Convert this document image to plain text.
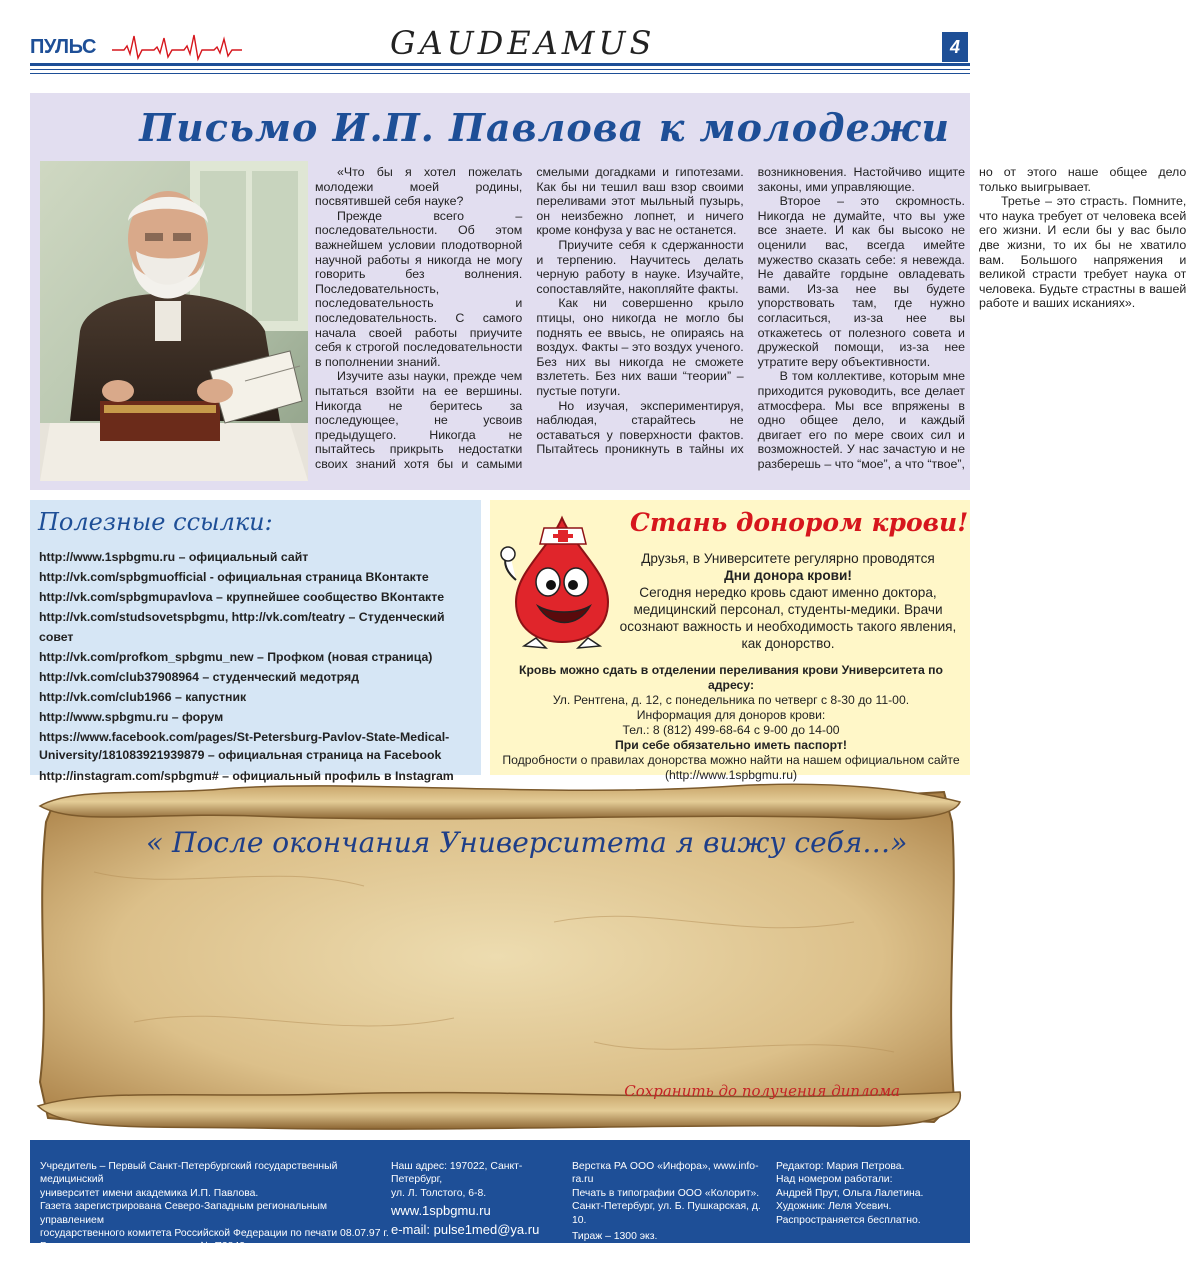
ПУЛЬС	GAUDEAMUS	4
Письмо И.П. Павлова к молодежи

«Что бы я хотел пожелать молодежи моей родины, посвятившей себя науке?

Прежде всего – последовательности. Об этом важнейшем условии плодотворной научной работы я никогда не могу говорить без волнения. Последовательность, последовательность и последовательность. С самого начала своей работы приучите себя к строгой последовательности в пополнении знаний.

Изучите азы науки, прежде чем пытаться взойти на ее вершины. Никогда не беритесь за последующее, не усвоив предыдущего. Никогда не пытайтесь прикрыть недостатки своих знаний хотя бы и самыми смелыми догадками и гипотезами. Как бы ни тешил ваш взор своими переливами этот мыльный пузырь, он неизбежно лопнет, и ничего кроме конфуза у вас не останется.

Приучите себя к сдержанности и терпению. Научитесь делать черную работу в науке. Изучайте, сопоставляйте, накопляйте факты.

Как ни совершенно крыло птицы, оно никогда не могло бы поднять ее ввысь, не опираясь на воздух. Факты – это воздух ученого. Без них вы никогда не сможете взлететь. Без них ваши “теории” – пустые потуги.

Но изучая, экспериментируя, наблюдая, старайтесь не оставаться у поверхности фактов. Пытайтесь проникнуть в тайны их возникновения. Настойчиво ищите законы, ими управляющие.

Второе – это скромность. Никогда не думайте, что вы уже все знаете. И как бы высоко не оценили вас, всегда имейте мужество сказать себе: я невежда. Не давайте гордыне овладевать вами. Из-за нее вы будете упорствовать там, где нужно согласиться, из-за нее вы откажетесь от полезного совета и дружеской помощи, из-за нее утратите веру объективности.

В том коллективе, которым мне приходится руководить, все делает атмосфера. Мы все впряжены в одно общее дело, и каждый двигает его по мере своих сил и возможностей. У нас зачастую и не разберешь – что “мое”, а что “твое”, но от этого наше общее дело только выигрывает.

Третье – это страсть. Помните, что наука требует от человека всей его жизни. И если бы у вас было две жизни, то их бы не хватило вам. Большого напряжения и великой страсти требует наука от человека. Будьте страстны в вашей работе и ваших исканиях».

Полезные ссылки:
http://www.1spbgmu.ru – официальный сайт
http://vk.com/spbgmuofficial - официальная страница ВКонтакте
http://vk.com/spbgmupavlova – крупнейшее сообщество ВКонтакте
http://vk.com/studsovetspbgmu, http://vk.com/teatry – Студенческий совет
http://vk.com/profkom_spbgmu_new – Профком (новая страница)
http://vk.com/club37908964 – студенческий медотряд
http://vk.com/club1966 – капустник
http://www.spbgmu.ru – форум
https://www.facebook.com/pages/St-Petersburg-Pavlov-State-Medical-University/181083921939879 – официальная страница на Facebook
http://instagram.com/spbgmu# – официальный профиль в Instagram
Стань донором крови!
Друзья, в Университете регулярно проводятся
Дни донора крови!
Сегодня нередко кровь сдают именно доктора, медицинский персонал, студенты-медики. Врачи осознают важность и необходимость такого явления, как донорство.
Кровь можно сдать в отделении переливания крови Университета по адресу:
Ул. Рентгена, д. 12, с понедельника по четверг с 8-30 до 11-00.
Информация для доноров крови:
Тел.: 8 (812) 499-68-64 с 9-00 до 14-00
При себе обязательно иметь паспорт!
Подробности о правилах донорства можно найти на нашем официальном сайте (http://www.1spbgmu.ru)
« После окончания Университета я вижу себя…»
Сохранить до получения диплома
Учредитель – Первый Санкт-Петербургский государственный медицинский
университет имени академика И.П. Павлова.
Газета зарегистрирована Северо-Западным региональным управлением
государственного комитета Российской Федерации по печати 08.07.97 г.
Регистрационное свидетельство № П3843.
Наш адрес: 197022, Санкт-Петербург,
ул. Л. Толстого, 6-8.
www.1spbgmu.ru
e-mail: pulse1med@ya.ru
Верстка РА ООО «Инфора», www.info-ra.ru
Печать в типографии ООО «Колорит».
Санкт-Петербург, ул. Б. Пушкарская, д. 10.
Тираж – 1300 экз.
Редактор: Мария Петрова.
Над номером работали:
Андрей Прут, Ольга Лалетина.
Художник: Леля Усевич.
Распространяется бесплатно.
